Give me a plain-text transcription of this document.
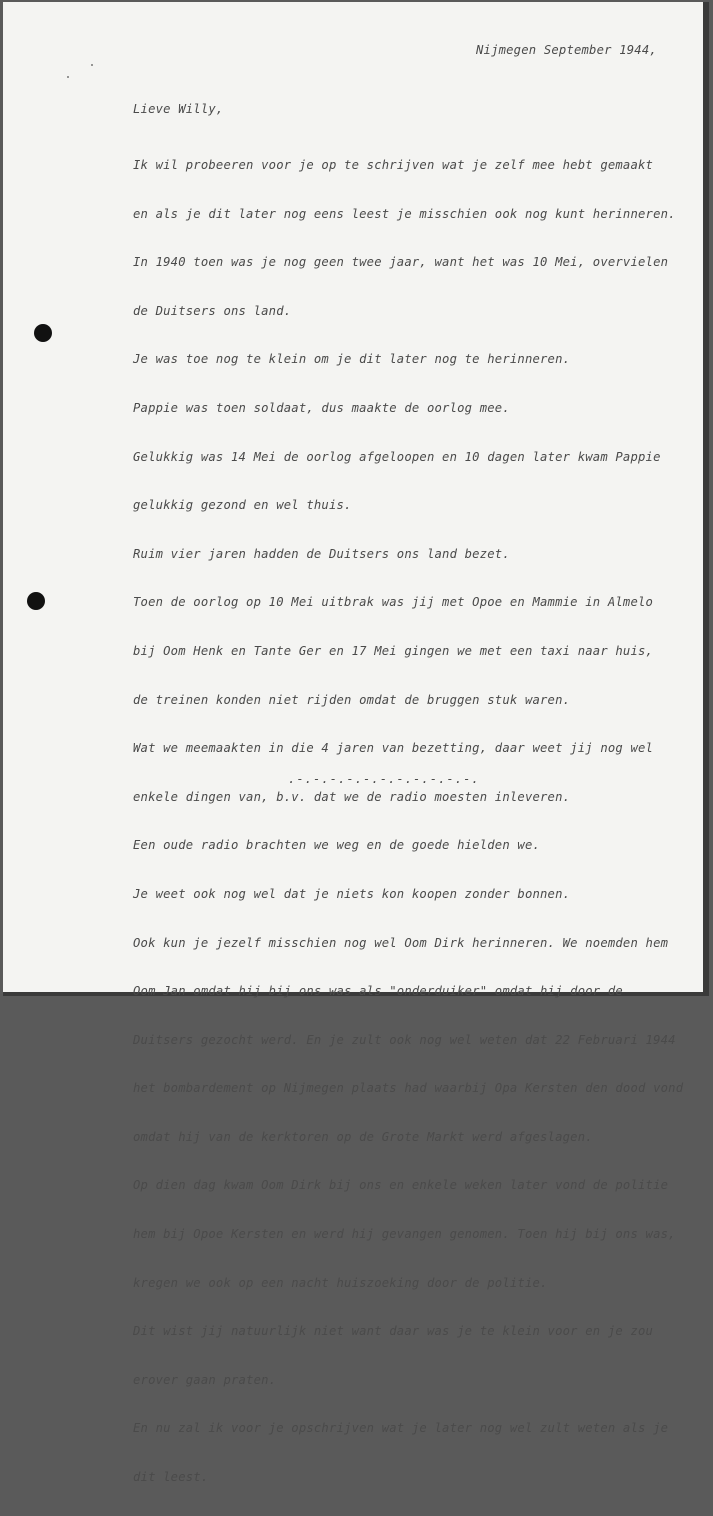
Nijmegen September 1944,
Lieve Willy,

Ik wil probeeren voor je op te schrijven wat je zelf mee hebt gemaakt

en als je dit later nog eens leest je misschien ook nog kunt herinneren.

In 1940 toen was je nog geen twee jaar, want het was 10 Mei, overvielen

de Duitsers ons land.

Je was toe nog te klein om je dit later nog te herinneren.

Pappie was toen soldaat, dus maakte de oorlog mee.

Gelukkig was 14 Mei de oorlog afgeloopen en 10 dagen later kwam Pappie

gelukkig gezond en wel thuis.

Ruim vier jaren hadden de Duitsers ons land bezet.

Toen de oorlog op 10 Mei uitbrak was jij met Opoe en Mammie in Almelo

bij Oom Henk en Tante Ger en 17 Mei gingen we met een taxi naar huis,

de treinen konden niet rijden omdat de bruggen stuk waren.

Wat we meemaakten in die 4 jaren van bezetting, daar weet jij nog wel

enkele dingen van, b.v. dat we de radio moesten inleveren.

Een oude radio brachten we weg en de goede hielden we.

Je weet ook nog wel dat je niets kon koopen zonder bonnen.

Ook kun je jezelf misschien nog wel Oom Dirk herinneren. We noemden hem

Oom Jan omdat hij bij ons was als "onderduiker" omdat hij door de

Duitsers gezocht werd. En je zult ook nog wel weten dat 22 Februari 1944

het bombardement op Nijmegen plaats had waarbij Opa Kersten den dood vond

omdat hij van de kerktoren op de Grote Markt werd afgeslagen.

Op dien dag kwam Oom Dirk bij ons en enkele weken later vond de politie

hem bij Opoe Kersten en werd hij gevangen genomen. Toen hij bij ons was,

kregen we ook op een nacht huiszoeking door de politie.

Dit wist jij natuurlijk niet want daar was je te klein voor en je zou

erover gaan praten.

En nu zal ik voor je opschrijven wat je later nog wel zult weten als je

dit leest.

.-.-.-.-.-.-.-.-.-.-.-.
